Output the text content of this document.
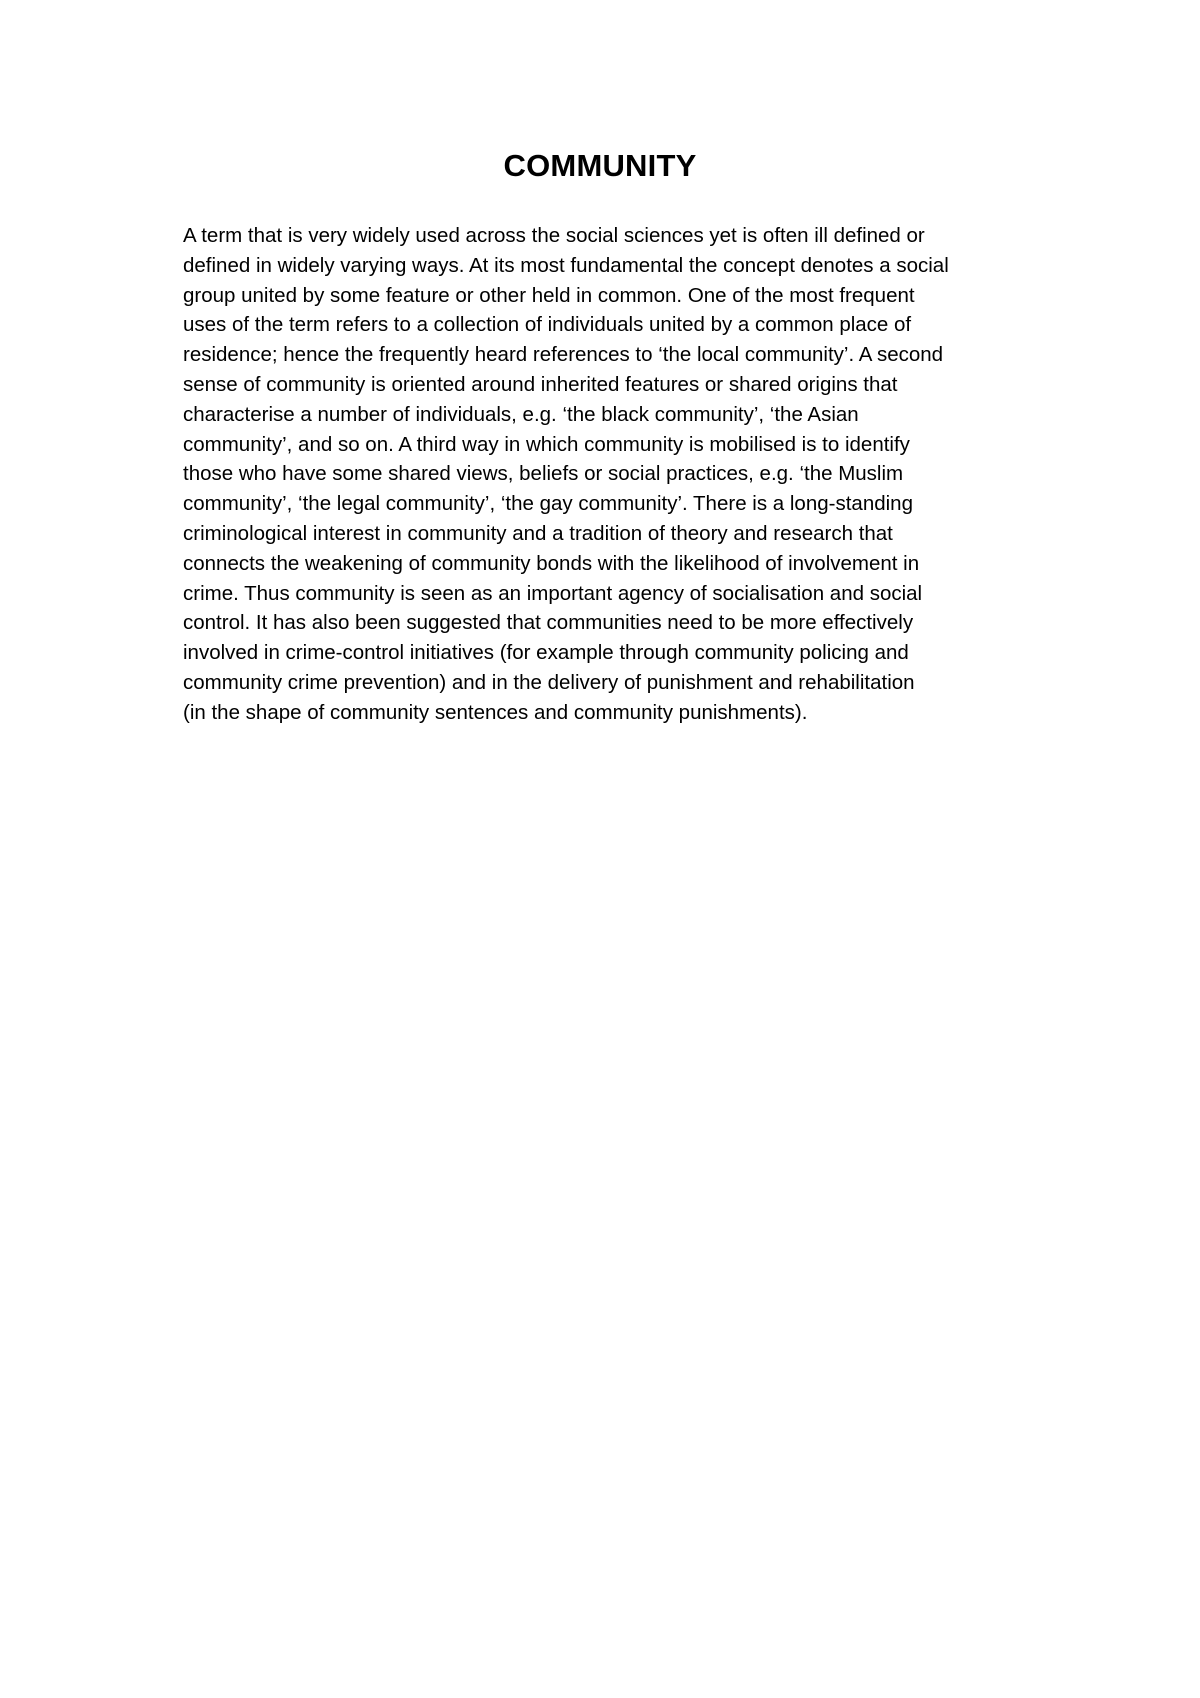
COMMUNITY
A term that is very widely used across the social sciences yet is often ill defined or
defined in widely varying ways. At its most fundamental the concept denotes a social
group united by some feature or other held in common. One of the most frequent
uses of the term refers to a collection of individuals united by a common place of
residence; hence the frequently heard references to ‘the local community’. A second
sense of community is oriented around inherited features or shared origins that
characterise a number of individuals, e.g. ‘the black community’, ‘the Asian
community’, and so on. A third way in which community is mobilised is to identify
those who have some shared views, beliefs or social practices, e.g. ‘the Muslim
community’, ‘the legal community’, ‘the gay community’. There is a long-standing
criminological interest in community and a tradition of theory and research that
connects the weakening of community bonds with the likelihood of involvement in
crime. Thus community is seen as an important agency of socialisation and social
control. It has also been suggested that communities need to be more effectively
involved in crime-control initiatives (for example through community policing and
community crime prevention) and in the delivery of punishment and rehabilitation
(in the shape of community sentences and community punishments).
